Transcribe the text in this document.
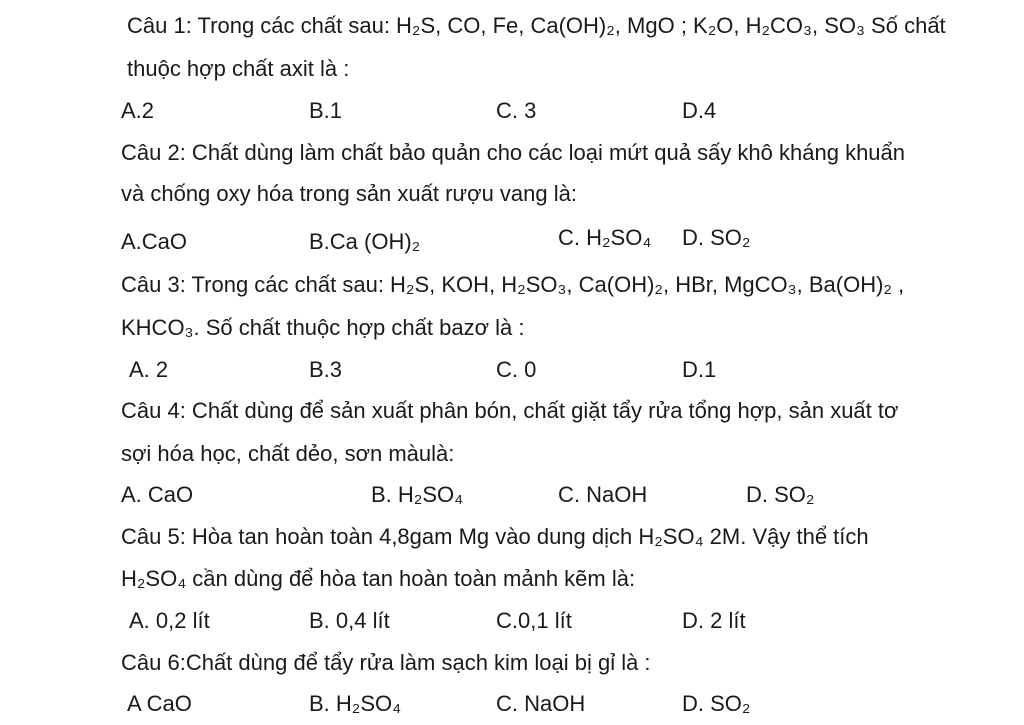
Câu 1: Trong các chất sau: H₂S, CO, Fe, Ca(OH)₂, MgO ; K₂O, H₂CO₃, SO₃ Số chất
thuộc hợp chất axit là :
A.2	B.1	C. 3	D.4
Câu 2: Chất dùng làm chất bảo quản cho các loại mứt quả sấy khô kháng khuẩn
và chống oxy hóa trong sản xuất rượu vang là:
A.CaO	B.Ca (OH)₂	C. H₂SO₄ D. SO₂
Câu 3: Trong các chất sau: H₂S, KOH, H₂SO₃, Ca(OH)₂, HBr, MgCO₃, Ba(OH)₂ ,
KHCO₃. Số chất thuộc hợp chất bazơ là :
A. 2	B.3	C. 0	D.1
Câu 4: Chất dùng để sản xuất phân bón, chất giặt tẩy rửa tổng hợp, sản xuất tơ
sợi hóa học, chất dẻo, sơn màulà:
A. CaO	B. H₂SO₄	C. NaOH	D. SO₂
Câu 5: Hòa tan hoàn toàn 4,8gam Mg vào dung dịch H₂SO₄ 2M. Vậy thể tích
H₂SO₄ cần dùng để hòa tan hoàn toàn mảnh kẽm là:
A. 0,2 lít	B. 0,4 lít	C.0,1 lít	D. 2 lít
Câu 6:Chất dùng để tẩy rửa làm sạch kim loại bị gỉ là :
A CaO	B. H₂SO₄	C. NaOH	D. SO₂
